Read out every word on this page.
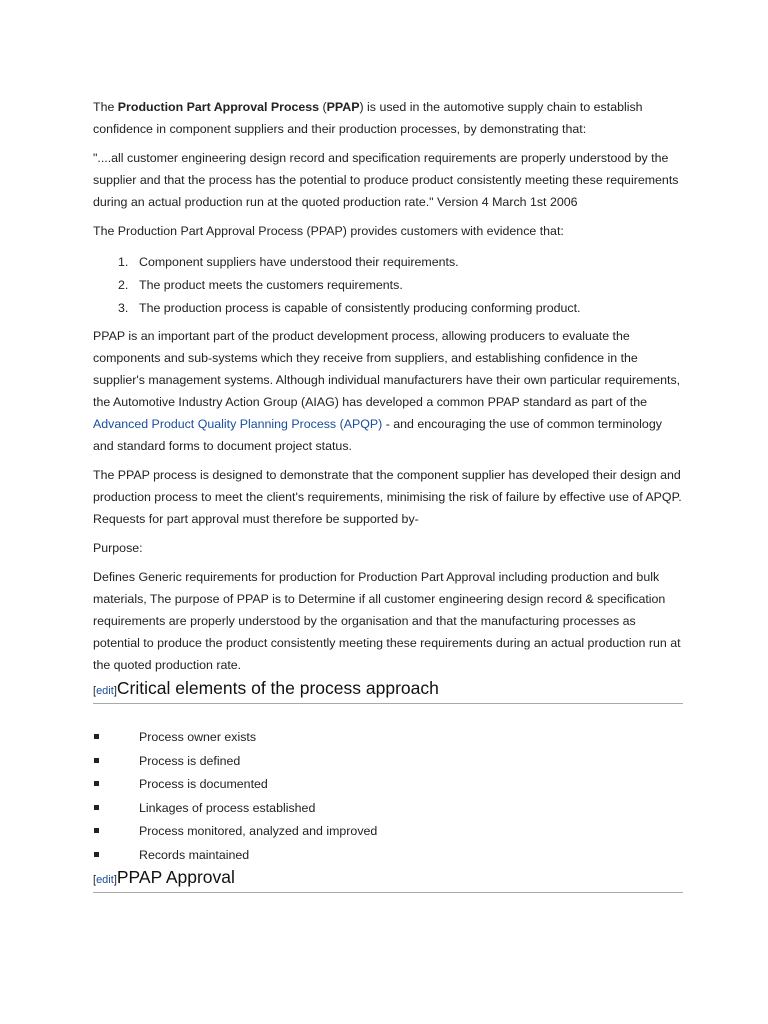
The Production Part Approval Process (PPAP) is used in the automotive supply chain to establish confidence in component suppliers and their production processes, by demonstrating that:

"....all customer engineering design record and specification requirements are properly understood by the supplier and that the process has the potential to produce product consistently meeting these requirements during an actual production run at the quoted production rate." Version 4 March 1st 2006

The Production Part Approval Process (PPAP) provides customers with evidence that:

1. Component suppliers have understood their requirements.
2. The product meets the customers requirements.
3. The production process is capable of consistently producing conforming product.

PPAP is an important part of the product development process, allowing producers to evaluate the components and sub-systems which they receive from suppliers, and establishing confidence in the supplier's management systems. Although individual manufacturers have their own particular requirements, the Automotive Industry Action Group (AIAG) has developed a common PPAP standard as part of the Advanced Product Quality Planning Process (APQP) - and encouraging the use of common terminology and standard forms to document project status.

The PPAP process is designed to demonstrate that the component supplier has developed their design and production process to meet the client's requirements, minimising the risk of failure by effective use of APQP. Requests for part approval must therefore be supported by-

Purpose:

Defines Generic requirements for production for Production Part Approval including production and bulk materials, The purpose of PPAP is to Determine if all customer engineering design record & specification requirements are properly understood by the organisation and that the manufacturing processes as potential to produce the product consistently meeting these requirements during an actual production run at the quoted production rate.

[edit]Critical elements of the process approach
Process owner exists
Process is defined
Process is documented
Linkages of process established
Process monitored, analyzed and improved
Records maintained
[edit]PPAP Approval
